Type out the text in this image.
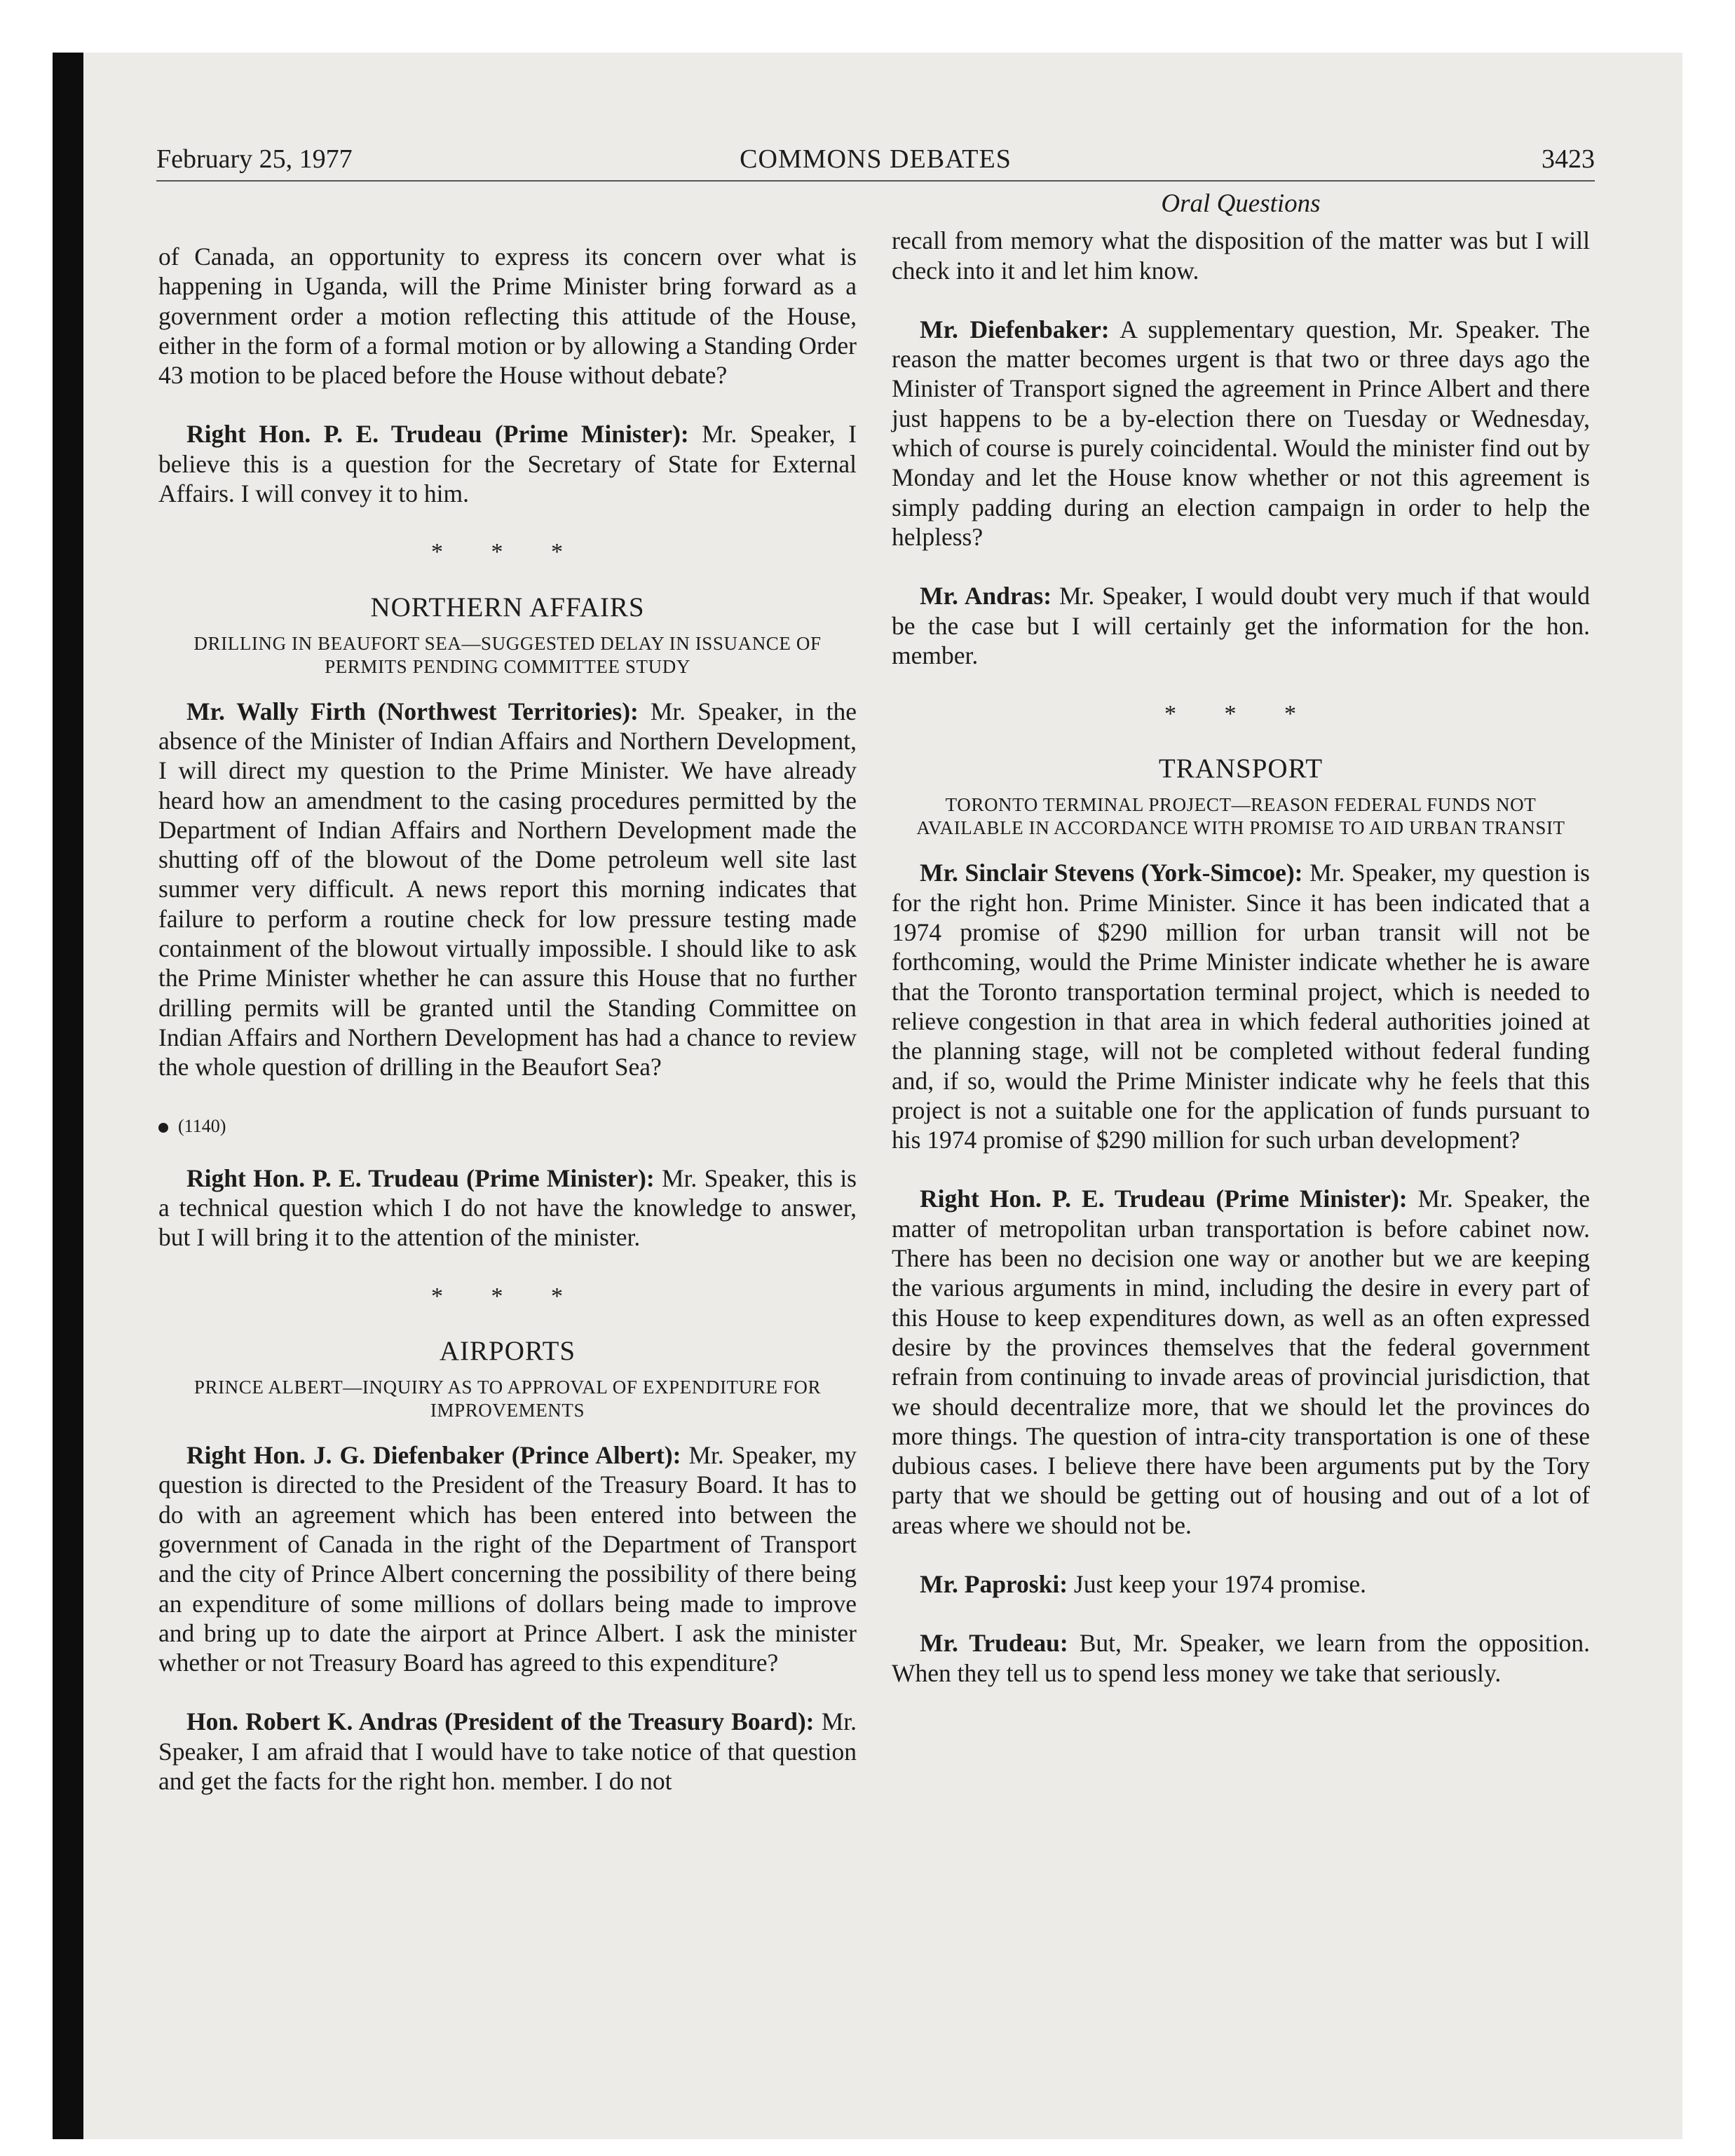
February 25, 1977	COMMONS DEBATES	3423

of Canada, an opportunity to express its concern over what is happening in Uganda, will the Prime Minister bring forward as a government order a motion reflecting this attitude of the House, either in the form of a formal motion or by allowing a Standing Order 43 motion to be placed before the House without debate?

Right Hon. P. E. Trudeau (Prime Minister): Mr. Speaker, I believe this is a question for the Secretary of State for External Affairs. I will convey it to him.

* * *
NORTHERN AFFAIRS
DRILLING IN BEAUFORT SEA—SUGGESTED DELAY IN ISSUANCE OF PERMITS PENDING COMMITTEE STUDY

Mr. Wally Firth (Northwest Territories): Mr. Speaker, in the absence of the Minister of Indian Affairs and Northern Development, I will direct my question to the Prime Minister. We have already heard how an amendment to the casing procedures permitted by the Department of Indian Affairs and Northern Development made the shutting off of the blowout of the Dome petroleum well site last summer very difficult. A news report this morning indicates that failure to perform a routine check for low pressure testing made containment of the blowout virtually impossible. I should like to ask the Prime Minister whether he can assure this House that no further drilling permits will be granted until the Standing Committee on Indian Affairs and Northern Development has had a chance to review the whole question of drilling in the Beaufort Sea?

(1140)

Right Hon. P. E. Trudeau (Prime Minister): Mr. Speaker, this is a technical question which I do not have the knowledge to answer, but I will bring it to the attention of the minister.

* * *
AIRPORTS
PRINCE ALBERT—INQUIRY AS TO APPROVAL OF EXPENDITURE FOR IMPROVEMENTS

Right Hon. J. G. Diefenbaker (Prince Albert): Mr. Speaker, my question is directed to the President of the Treasury Board. It has to do with an agreement which has been entered into between the government of Canada in the right of the Department of Transport and the city of Prince Albert concerning the possibility of there being an expenditure of some millions of dollars being made to improve and bring up to date the airport at Prince Albert. I ask the minister whether or not Treasury Board has agreed to this expenditure?

Hon. Robert K. Andras (President of the Treasury Board): Mr. Speaker, I am afraid that I would have to take notice of that question and get the facts for the right hon. member. I do not

Oral Questions

recall from memory what the disposition of the matter was but I will check into it and let him know.

Mr. Diefenbaker: A supplementary question, Mr. Speaker. The reason the matter becomes urgent is that two or three days ago the Minister of Transport signed the agreement in Prince Albert and there just happens to be a by-election there on Tuesday or Wednesday, which of course is purely coincidental. Would the minister find out by Monday and let the House know whether or not this agreement is simply padding during an election campaign in order to help the helpless?

Mr. Andras: Mr. Speaker, I would doubt very much if that would be the case but I will certainly get the information for the hon. member.

* * *
TRANSPORT
TORONTO TERMINAL PROJECT—REASON FEDERAL FUNDS NOT AVAILABLE IN ACCORDANCE WITH PROMISE TO AID URBAN TRANSIT

Mr. Sinclair Stevens (York-Simcoe): Mr. Speaker, my question is for the right hon. Prime Minister. Since it has been indicated that a 1974 promise of $290 million for urban transit will not be forthcoming, would the Prime Minister indicate whether he is aware that the Toronto transportation terminal project, which is needed to relieve congestion in that area in which federal authorities joined at the planning stage, will not be completed without federal funding and, if so, would the Prime Minister indicate why he feels that this project is not a suitable one for the application of funds pursuant to his 1974 promise of $290 million for such urban development?

Right Hon. P. E. Trudeau (Prime Minister): Mr. Speaker, the matter of metropolitan urban transportation is before cabinet now. There has been no decision one way or another but we are keeping the various arguments in mind, including the desire in every part of this House to keep expenditures down, as well as an often expressed desire by the provinces themselves that the federal government refrain from continuing to invade areas of provincial jurisdiction, that we should decentralize more, that we should let the provinces do more things. The question of intra-city transportation is one of these dubious cases. I believe there have been arguments put by the Tory party that we should be getting out of housing and out of a lot of areas where we should not be.

Mr. Paproski: Just keep your 1974 promise.

Mr. Trudeau: But, Mr. Speaker, we learn from the opposition. When they tell us to spend less money we take that seriously.
